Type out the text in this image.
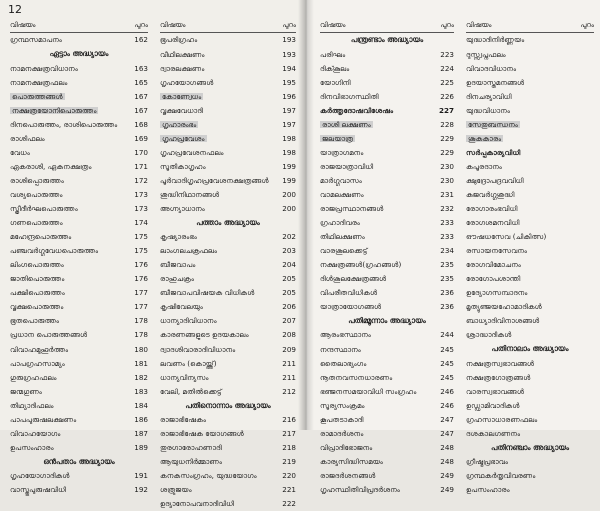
12
വിഷയം	പുറം
ഗ്രന്ഥസമാപനം	162
ഏട്ടാം അദ്ധ്യായം
നാമനക്ഷത്രവിധാനം	163
നാമനക്ഷത്രഫലം	165
പൊരുത്തങ്ങൾ	167
നക്ഷത്രയോനിപൊരുത്തം	167
ദിനപൊരുത്തം, രാശിപൊരുത്തം 168
രാശിഫലം	169
വേധം	170
ഏകരാശി, ഏകനക്ഷത്രം	171
രാശിപ്പൊരുത്തം	172
വശ്യപൊരുത്തം	173
സ്ത്രീദീർഘപൊരുത്തം	173
ഗണപൊരുത്തം	174
മഹേന്ദ്രപൊരുത്തം	175
പഞ്ചവർഗ്ഗവേധപൊരുത്തം	175
ലിംഗപൊരുത്തം	176
ജാതിപൊരുത്തം	176
പക്ഷിപൊരുത്തം	177
വൃക്ഷപൊരുത്തം	177
ഭൂതപൊരുത്തം	178
പ്രധാന പൊരുത്തങ്ങൾ	178
വിവാഹമുഹൂർത്തം	180
പാപഗ്രഹസാമ്യം	181
ഗുരുഗ്രഹഫലം	182
ജന്മഗുണം	183
തിഥ്യാദിഫലം	184
പാപപുരുഷലക്ഷണം	186
വിവാഹയോഗം	187
ഉപസംഹാരം	189
ഒൻപതാം അദ്ധ്യായം
ഗൃഹയോഗാദികൾ	191
വാസ്തുപുരുഷവിധി	192
വിഷയം	പുറം
ഭൂപരിഗ്രഹം	193
വീഥിലക്ഷണം	193
ദ്വാരലക്ഷണം	194
ഗൃഹയോഗങ്ങൾ	195
കോണ്വേധം	196
വൃക്ഷവേധാദി	197
ഗൃഹാരംഭം	197
ഗൃഹപ്രവേശം	198
ഗൃഹപ്രവേശനഫലം	198
സൂതികാഗൃഹം	199
പൂർവാദിഗൃഹപ്രവേശനക്ഷത്രങ്ങൾ 199
ശുദ്ധിനിഥാനങ്ങൾ	200
അഗ്ന്യാധാനം	200
പത്താം അദ്ധ്യായം
കൃഷ്യാരംഭം	202
ലാംഗലചക്രഫലം	203
ബീജവാപം	204
രാഹുചക്രം	205
ബീജവാപവിഷയക വിധികൾ	205
കൃഷിവേലയും	206
ധാന്യാദിവിധാനം	207
കാരണങ്ങളുടെ ഉദയകാലം	208
ദ്വാദശിവാരാദിവിധാനം	209
ലവണം (കൊയ്ത്ത്)	211
ധാന്യവിന്യസം	211
വേലി, മതിൽക്കെട്ട്	212
പതിനൊന്നാം അദ്ധ്യായം
രാജാഭിഷേകം	216
രാജാഭിഷേക യോഗങ്ങൾ	217
തുരഗാരോഹണാദി	218
ആയുധനിർമ്മാണം	219
കനകസംഗ്രഹം, യുദ്ധയോഗം	220
ശത്രുജയം	221
ഉദ്യാനോപവനാദിവിധി	222
വിഷയം	പുറം
പന്ത്രണ്ടാം അദ്ധ്യായം
പരിഘം	223
ദിക്ശൂലം	224
യോഗിനി	225
ദിനവിഭാഗസ്ഥിതി	226
കർത്തൃദോഷവിശേഷം	227
രാശി ലക്ഷണം	228
ജലയാത്ര	229
യാത്രാഗമനം	229
രാജയാത്രാവിധി	230
മാർഗ്ഗവാസം	230
വാമലക്ഷണം	231
രാജപ്രസ്ഥാനങ്ങൾ	232
ഗ്രഹാദിവരം	233
തിഥിലക്ഷണം	233
വാരശൂലക്കെട്ട്	234
നക്ഷത്രങ്ങൾ(ഗ്രഹങ്ങൾ)	235
ദിൾശൂലക്ഷേത്രങ്ങൾ	235
വിപരീതവിധികൾ	236
യാത്രായോഗങ്ങൾ	236
പതിമ്മൂന്നാം അദ്ധ്യായം
ആരംഭസ്ഥാനം	244
നന്ദസ്ഥാനം	245
തൈലാഭ്യംഗം	245
നൂതനവസനധാരണം	245
ഭഞ്ജനസമയാവിധി സംഗ്രഹം	246
സൂര്യസംക്രമം	246
കൂപതടാകാദി	247
രാമാദർശനം	247
വിപ്രാദിഭോജനം	248
കാര്യസിദ്ധിസമയം	248
രാജദർശനങ്ങൾ	249
ഗൃഹസ്ഥിതിവിപ്രദർശനം	249
വിഷയം	പുറം
യുദ്ധാദിനിർണ്ണയം
ദുസ്സ്വപ്നഫലം
വിവാദവിധാനം
ഉദയാസ്തമനങ്ങൾ
ദിനചര്യാവിധി
യുദ്ധവിധാനം
സേതുബന്ധനം
ശൂകകാരം
സർപ്പകാര്യവിധി
കപൂരദാനം
ക്ഷുദ്രോപദ്രവവിധി
കുജവർഗ്ഗശുദ്ധി
രോഗാരംഭവിധി
രോഗശമനവിധി
ഔഷധസേവ (ചികിത്സ)
രസായനസേവനം
രോഗവിമോചനം
രോഗോപശാന്തി
ഉദ്യോഗസമ്പാദനം
മൃത്യുഞ്ജയഹോമാദികൾ
ബാധ്യാദിവിനാശങ്ങൾ
ശ്രാദ്ധാദികൾ
പതിനാലാം അദ്ധ്യായം
നക്ഷത്രസ്വഭാവങ്ങൾ
നക്ഷത്രഗോത്രങ്ങൾ
വാരസ്വഭാവങ്ങൾ
ഉഡ്ഡാമിവാദികൾ
ഗ്രഹസാധാരണഫലം
ദശകാലഗണനം
പതിനഞ്ചാം അദ്ധ്യായം
ഗ്രീഷ്മപ്രഭാവം
ഗ്രന്ഥകർതൃവിവരണം
ഉപസംഹാരം
